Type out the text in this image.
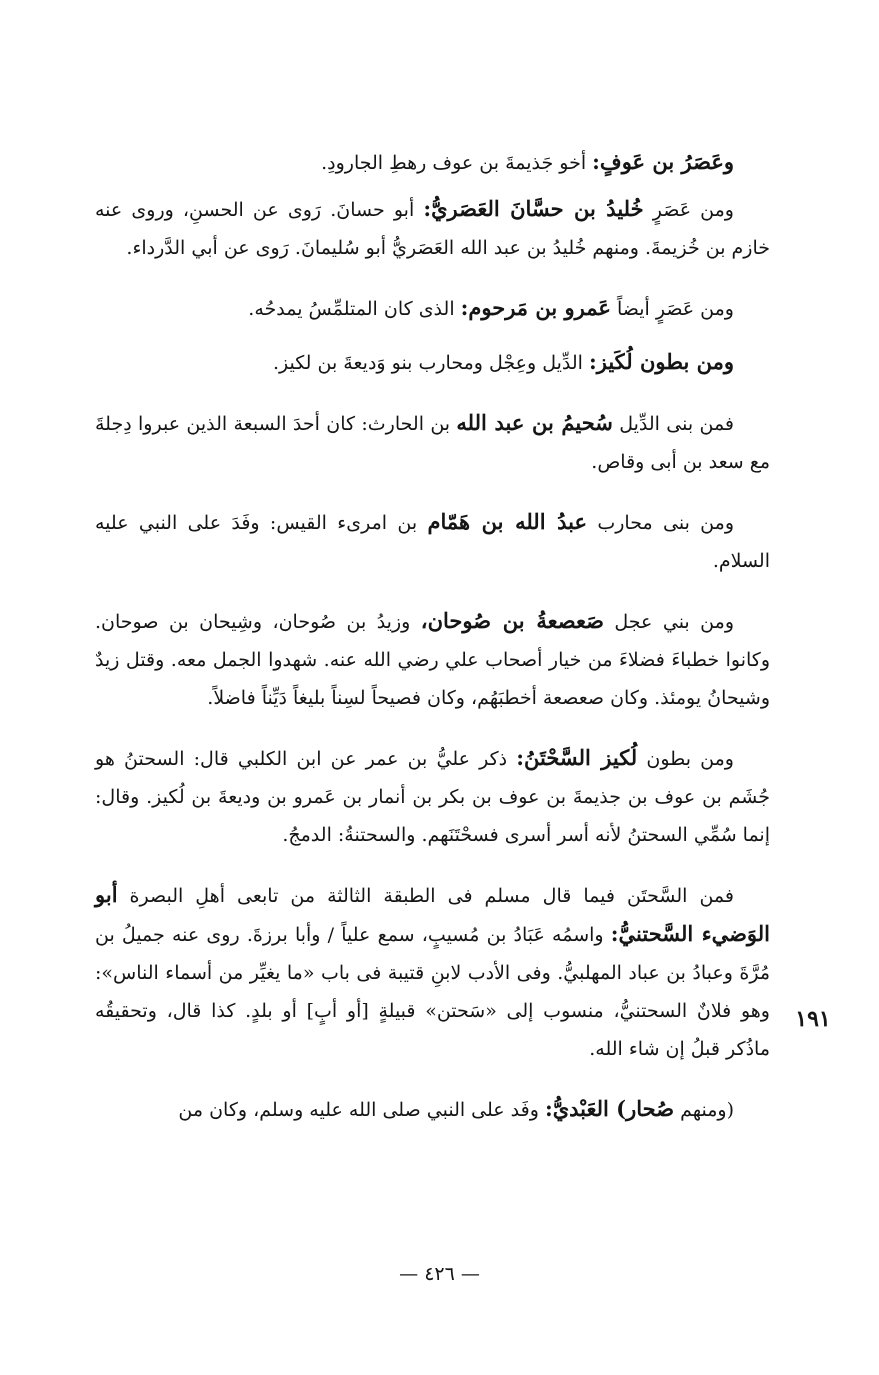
وعَصَرُ بن عَوفٍ: أخو جَذيمةَ بن عوف رهطِ الجارودِ.

ومن عَصَرٍ خُليدُ بن حسَّانَ العَصَريُّ: أبو حسانَ. رَوى عن الحسنِ، وروى عنه خازم بن خُزيمةَ. ومنهم خُليدُ بن عبد الله العَصَريُّ أبو سُليمانَ. رَوى عن أبي الدَّرداء.

ومن عَصَرٍ أيضاً عَمرو بن مَرحوم: الذى كان المتلمِّسُ يمدحُه.

ومن بطون لُكَيز: الدِّيل وعِجْل ومحارب بنو وَديعةَ بن لكيز.

فمن بنى الدِّيل سُحيمُ بن عبد الله بن الحارث: كان أحدَ السبعة الذين عبروا دِجلةَ مع سعد بن أبى وقاص.

ومن بنى محارب عبدُ الله بن هَمّام بن امرىء القيس: وفَدَ على النبي عليه السلام.

ومن بني عجل صَعصعةُ بن صُوحان، وزيدُ بن صُوحان، وشِيحان بن صوحان. وكانوا خطباءَ فضلاءَ من خيار أصحاب علي رضي الله عنه. شهدوا الجمل معه. وقتل زيدٌ وشيحانُ يومئذ. وكان صعصعة أخطبَهُم، وكان فصيحاً لسِناً بليغاً دَيِّناً فاضلاً.

ومن بطون لُكيز السَّحْتَنُ: ذكر عليُّ بن عمر عن ابن الكلبي قال: السحتنُ هو جُشَم بن عوف بن جذيمةَ بن عوف بن بكر بن أنمار بن عَمرو بن وديعةَ بن لُكيز. وقال: إنما سُمِّي السحتنُ لأنه أسر أسرى فسحْتَنَهم. والسحتنةُ: الدمجُ.

فمن السَّحتَن فيما قال مسلم فى الطبقة الثالثة من تابعى أهلِ البصرة أبو الوَضيء السَّحتنيُّ: واسمُه عَبَادُ بن مُسيبٍ، سمع علياً / وأبا برزةَ. روى عنه جميلُ بن مُرَّةَ وعبادُ بن عباد المهلبيُّ. وفى الأدب لابنِ قتيبة فى باب «ما يغيِّر من أسماء الناس»: وهو فلانٌ السحتنيُّ، منسوب إلى «سَحتن» قبيلةٍ [أو أبٍ] أو بلدٍ. كذا قال، وتحقيقُه ماذُكر قبلُ إن شاء الله.

(ومنهم صُحار) العَبْديُّ: وفَد على النبي صلى الله عليه وسلم، وكان من

١٩١
— ٤٢٦ —
